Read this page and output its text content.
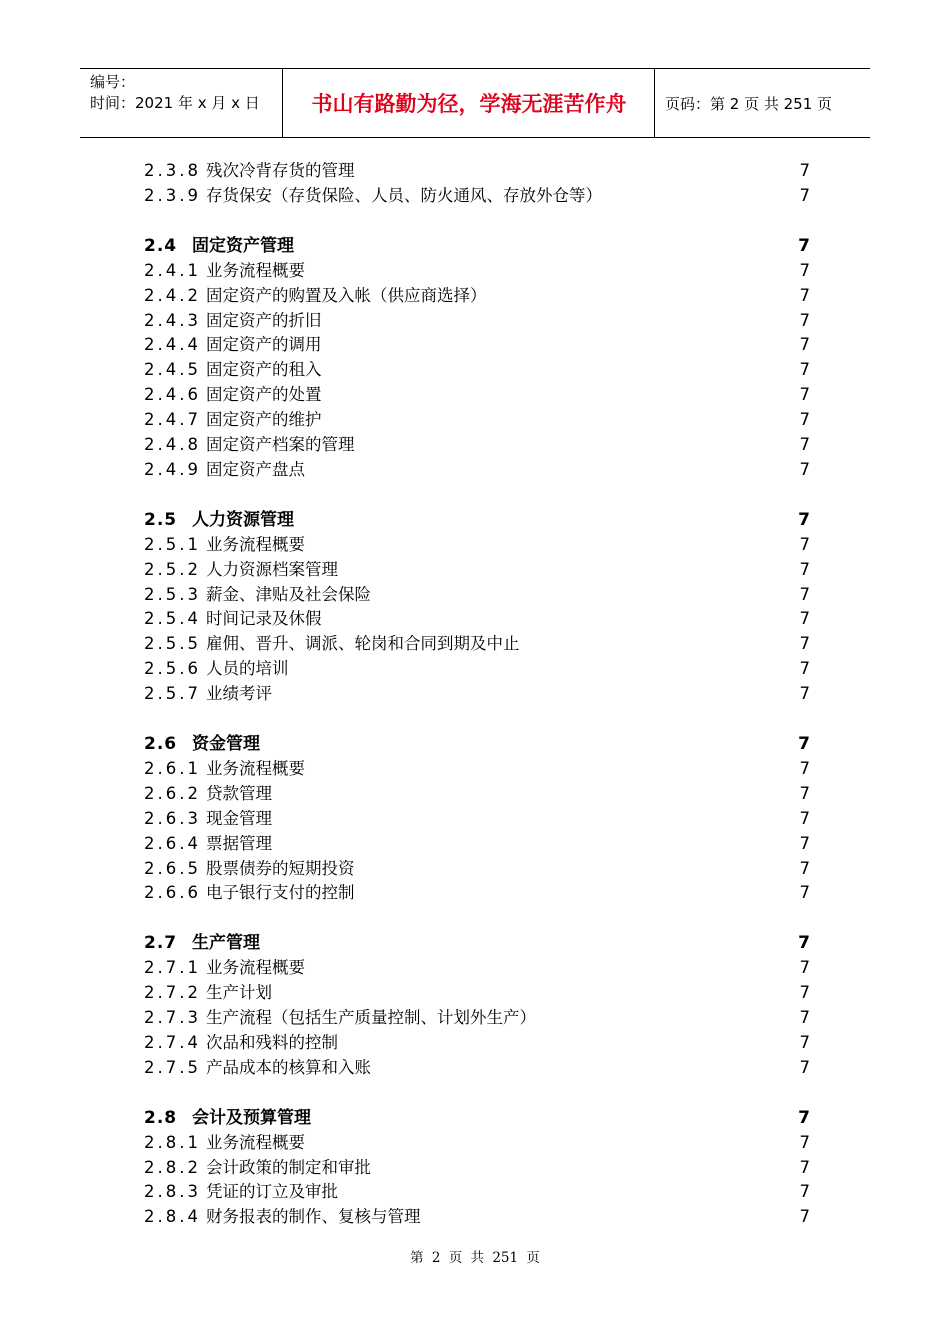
编号：
时间：2021 年 x 月 x 日	书山有路勤为径，学海无涯苦作舟	页码：第 2 页 共 251 页
2.3.8 残次冷背存货的管理	7
2.3.9 存货保安（存货保险、人员、防火通风、存放外仓等）	7
2.4 固定资产管理	7
2.4.1 业务流程概要	7
2.4.2 固定资产的购置及入帐（供应商选择）	7
2.4.3 固定资产的折旧	7
2.4.4 固定资产的调用	7
2.4.5 固定资产的租入	7
2.4.6 固定资产的处置	7
2.4.7 固定资产的维护	7
2.4.8 固定资产档案的管理	7
2.4.9 固定资产盘点	7
2.5 人力资源管理	7
2.5.1 业务流程概要	7
2.5.2 人力资源档案管理	7
2.5.3 薪金、津贴及社会保险	7
2.5.4 时间记录及休假	7
2.5.5 雇佣、晋升、调派、轮岗和合同到期及中止	7
2.5.6 人员的培训	7
2.5.7 业绩考评	7
2.6 资金管理	7
2.6.1 业务流程概要	7
2.6.2 贷款管理	7
2.6.3 现金管理	7
2.6.4 票据管理	7
2.6.5 股票债券的短期投资	7
2.6.6 电子银行支付的控制	7
2.7 生产管理	7
2.7.1 业务流程概要	7
2.7.2 生产计划	7
2.7.3 生产流程（包括生产质量控制、计划外生产）	7
2.7.4 次品和残料的控制	7
2.7.5 产品成本的核算和入账	7
2.8 会计及预算管理	7
2.8.1 业务流程概要	7
2.8.2 会计政策的制定和审批	7
2.8.3 凭证的订立及审批	7
2.8.4 财务报表的制作、复核与管理	7
第 2 页 共 251 页
